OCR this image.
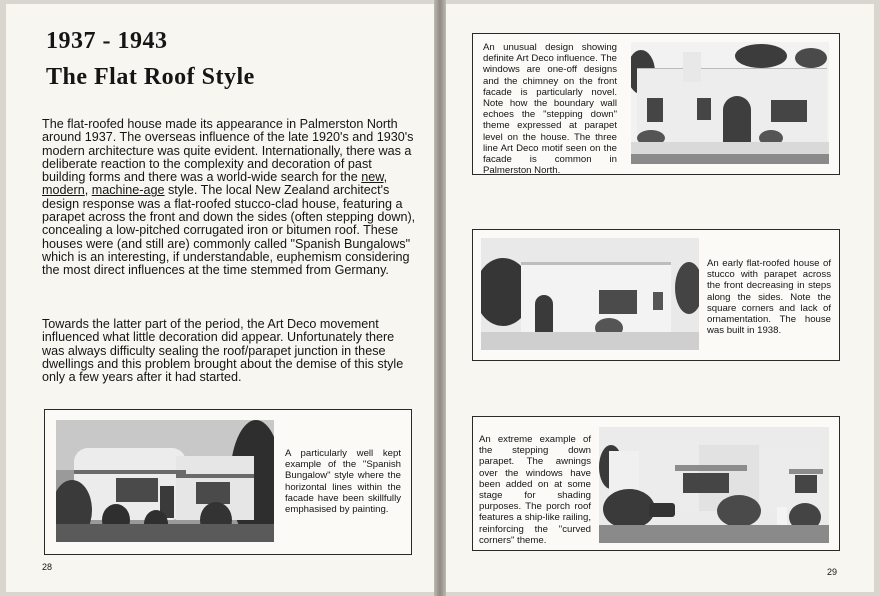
1937 - 1943
The Flat Roof Style

The flat-roofed house made its appearance in Palmerston North around 1937. The overseas influence of the late 1920's and 1930's modern architecture was quite evident. Internationally, there was a deliberate reaction to the complexity and decoration of past building forms and there was a world-wide search for the new, modern, machine-age style. The local New Zealand architect's design response was a flat-roofed stucco-clad house, featuring a parapet across the front and down the sides (often stepping down), concealing a low-pitched corrugated iron or bitumen roof. These houses were (and still are) commonly called "Spanish Bungalows" which is an interesting, if understandable, euphemism considering the most direct influences at the time stemmed from Germany.

Towards the latter part of the period, the Art Deco movement influenced what little decoration did appear. Unfortunately there was always difficulty sealing the roof/parapet junction in these dwellings and this problem brought about the demise of this style only a few years after it had started.

A particularly well kept example of the "Spanish Bungalow" style where the horizontal lines within the facade have been skillfully emphasised by painting.
28
An unusual design showing definite Art Deco influence. The windows are one-off designs and the chimney on the front facade is particularly novel. Note how the boundary wall echoes the "stepping down" theme expressed at parapet level on the house. The three line Art Deco motif seen on the facade is common in Palmerston North.
An early flat-roofed house of stucco with parapet across the front decreasing in steps along the sides. Note the square corners and lack of ornamentation. The house was built in 1938.
An extreme example of the stepping down parapet. The awnings over the windows have been added on at some stage for shading purposes. The porch roof features a ship-like railing, reinforcing the "curved corners" theme.
29
